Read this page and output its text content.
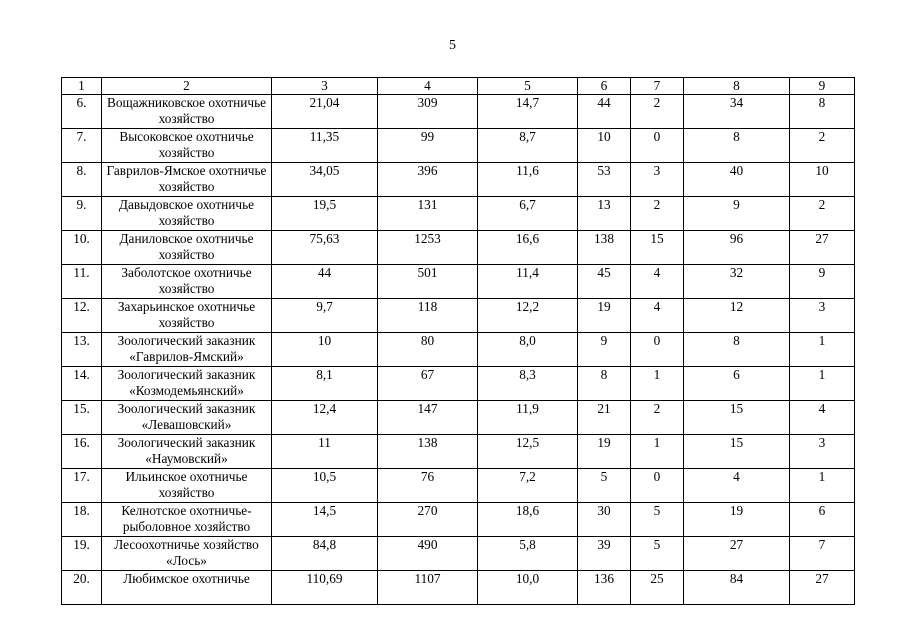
5
1	2	3	4	5	6	7	8	9
6.	Вощажниковское охотничье хозяйство	21,04	309	14,7	44	2	34	8
7.	Высоковское охотничье хозяйство	11,35	99	8,7	10	0	8	2
8.	Гаврилов-Ямское охотничье хозяйство	34,05	396	11,6	53	3	40	10
9.	Давыдовское охотничье хозяйство	19,5	131	6,7	13	2	9	2
10.	Даниловское охотничье хозяйство	75,63	1253	16,6	138	15	96	27
11.	Заболотское охотничье хозяйство	44	501	11,4	45	4	32	9
12.	Захарьинское охотничье хозяйство	9,7	118	12,2	19	4	12	3
13.	Зоологический заказник «Гаврилов-Ямский»	10	80	8,0	9	0	8	1
14.	Зоологический заказник «Козмодемьянский»	8,1	67	8,3	8	1	6	1
15.	Зоологический заказник «Левашовский»	12,4	147	11,9	21	2	15	4
16.	Зоологический заказник «Наумовский»	11	138	12,5	19	1	15	3
17.	Ильинское охотничье хозяйство	10,5	76	7,2	5	0	4	1
18.	Келнотское охотничье-рыболовное хозяйство	14,5	270	18,6	30	5	19	6
19.	Лесоохотничье хозяйство «Лось»	84,8	490	5,8	39	5	27	7
20.	Любимское охотничье	110,69	1107	10,0	136	25	84	27
